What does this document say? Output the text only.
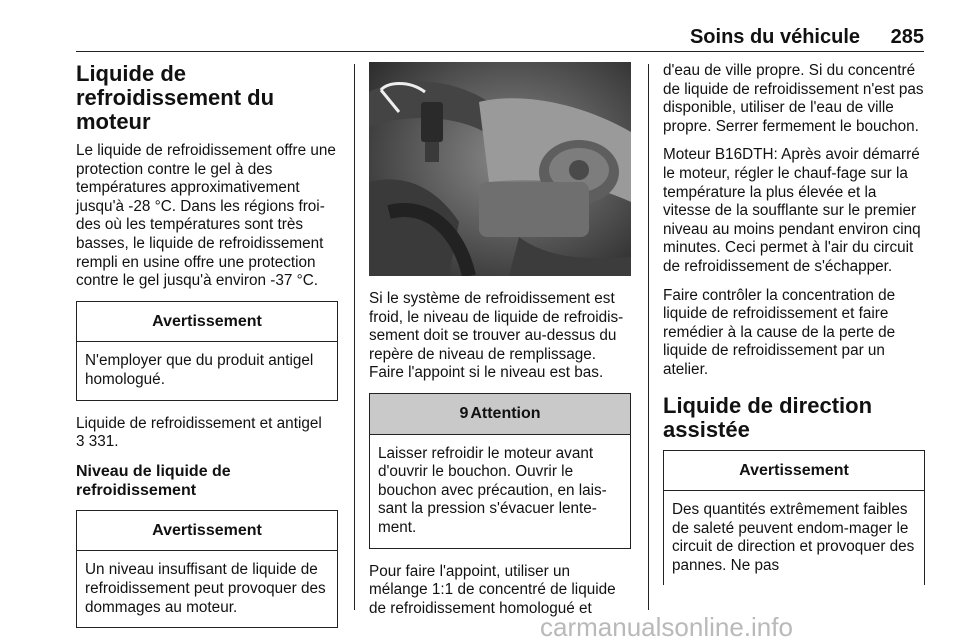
Soins du véhicule 285
Liquide de refroidissement du moteur

Le liquide de refroidissement offre une protection contre le gel à des températures approximativement jusqu'à -28 °C. Dans les régions froi-des où les températures sont très basses, le liquide de refroidissement rempli en usine offre une protection contre le gel jusqu'à environ -37 °C.

Avertissement
N'employer que du produit antigel homologué.

Liquide de refroidissement et antigel
3 331.

Niveau de liquide de refroidissement
Avertissement
Un niveau insuffisant de liquide de refroidissement peut provoquer des dommages au moteur.

Si le système de refroidissement est froid, le niveau de liquide de refroidis-sement doit se trouver au-dessus du repère de niveau de remplissage. Faire l'appoint si le niveau est bas.

9 Attention
Laisser refroidir le moteur avant d'ouvrir le bouchon. Ouvrir le bouchon avec précaution, en lais-sant la pression s'évacuer lente-ment.

Pour faire l'appoint, utiliser un mélange 1:1 de concentré de liquide de refroidissement homologué et

d'eau de ville propre. Si du concentré de liquide de refroidissement n'est pas disponible, utiliser de l'eau de ville propre. Serrer fermement le bouchon.

Moteur B16DTH: Après avoir démarré le moteur, régler le chauf-fage sur la température la plus élevée et la vitesse de la soufflante sur le premier niveau au moins pendant environ cinq minutes. Ceci permet à l'air du circuit de refroidissement de s'échapper.

Faire contrôler la concentration de liquide de refroidissement et faire remédier à la cause de la perte de liquide de refroidissement par un atelier.

Liquide de direction assistée
Avertissement
Des quantités extrêmement faibles de saleté peuvent endom-mager le circuit de direction et provoquer des pannes. Ne pas
carmanualsonline.info
